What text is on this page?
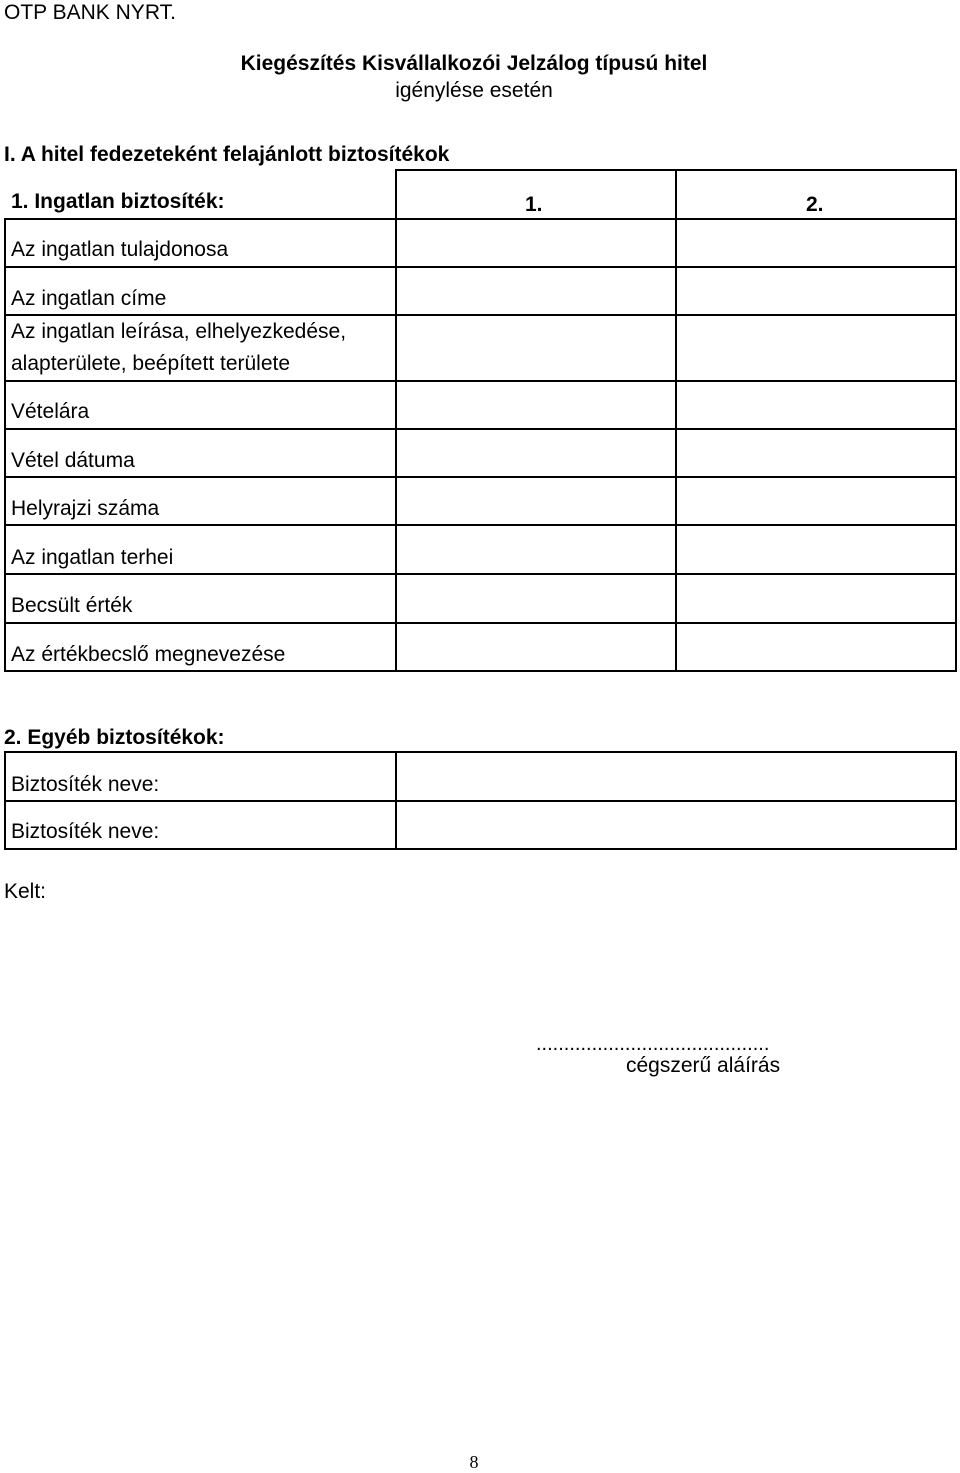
OTP BANK NYRT.
Kiegészítés Kisvállalkozói Jelzálog típusú hitel
igénylése esetén
I. A hitel fedezeteként felajánlott biztosítékok
1. Ingatlan biztosíték:	1.	2.
Az ingatlan tulajdonosa
Az ingatlan címe
Az ingatlan leírása, elhelyezkedése,
alapterülete, beépített területe
Vételára
Vétel dátuma
Helyrajzi száma
Az ingatlan terhei
Becsült érték
Az értékbecslő megnevezése
2. Egyéb biztosítékok:
Biztosíték neve:
Biztosíték neve:
Kelt:
..........................................
cégszerű aláírás
8
